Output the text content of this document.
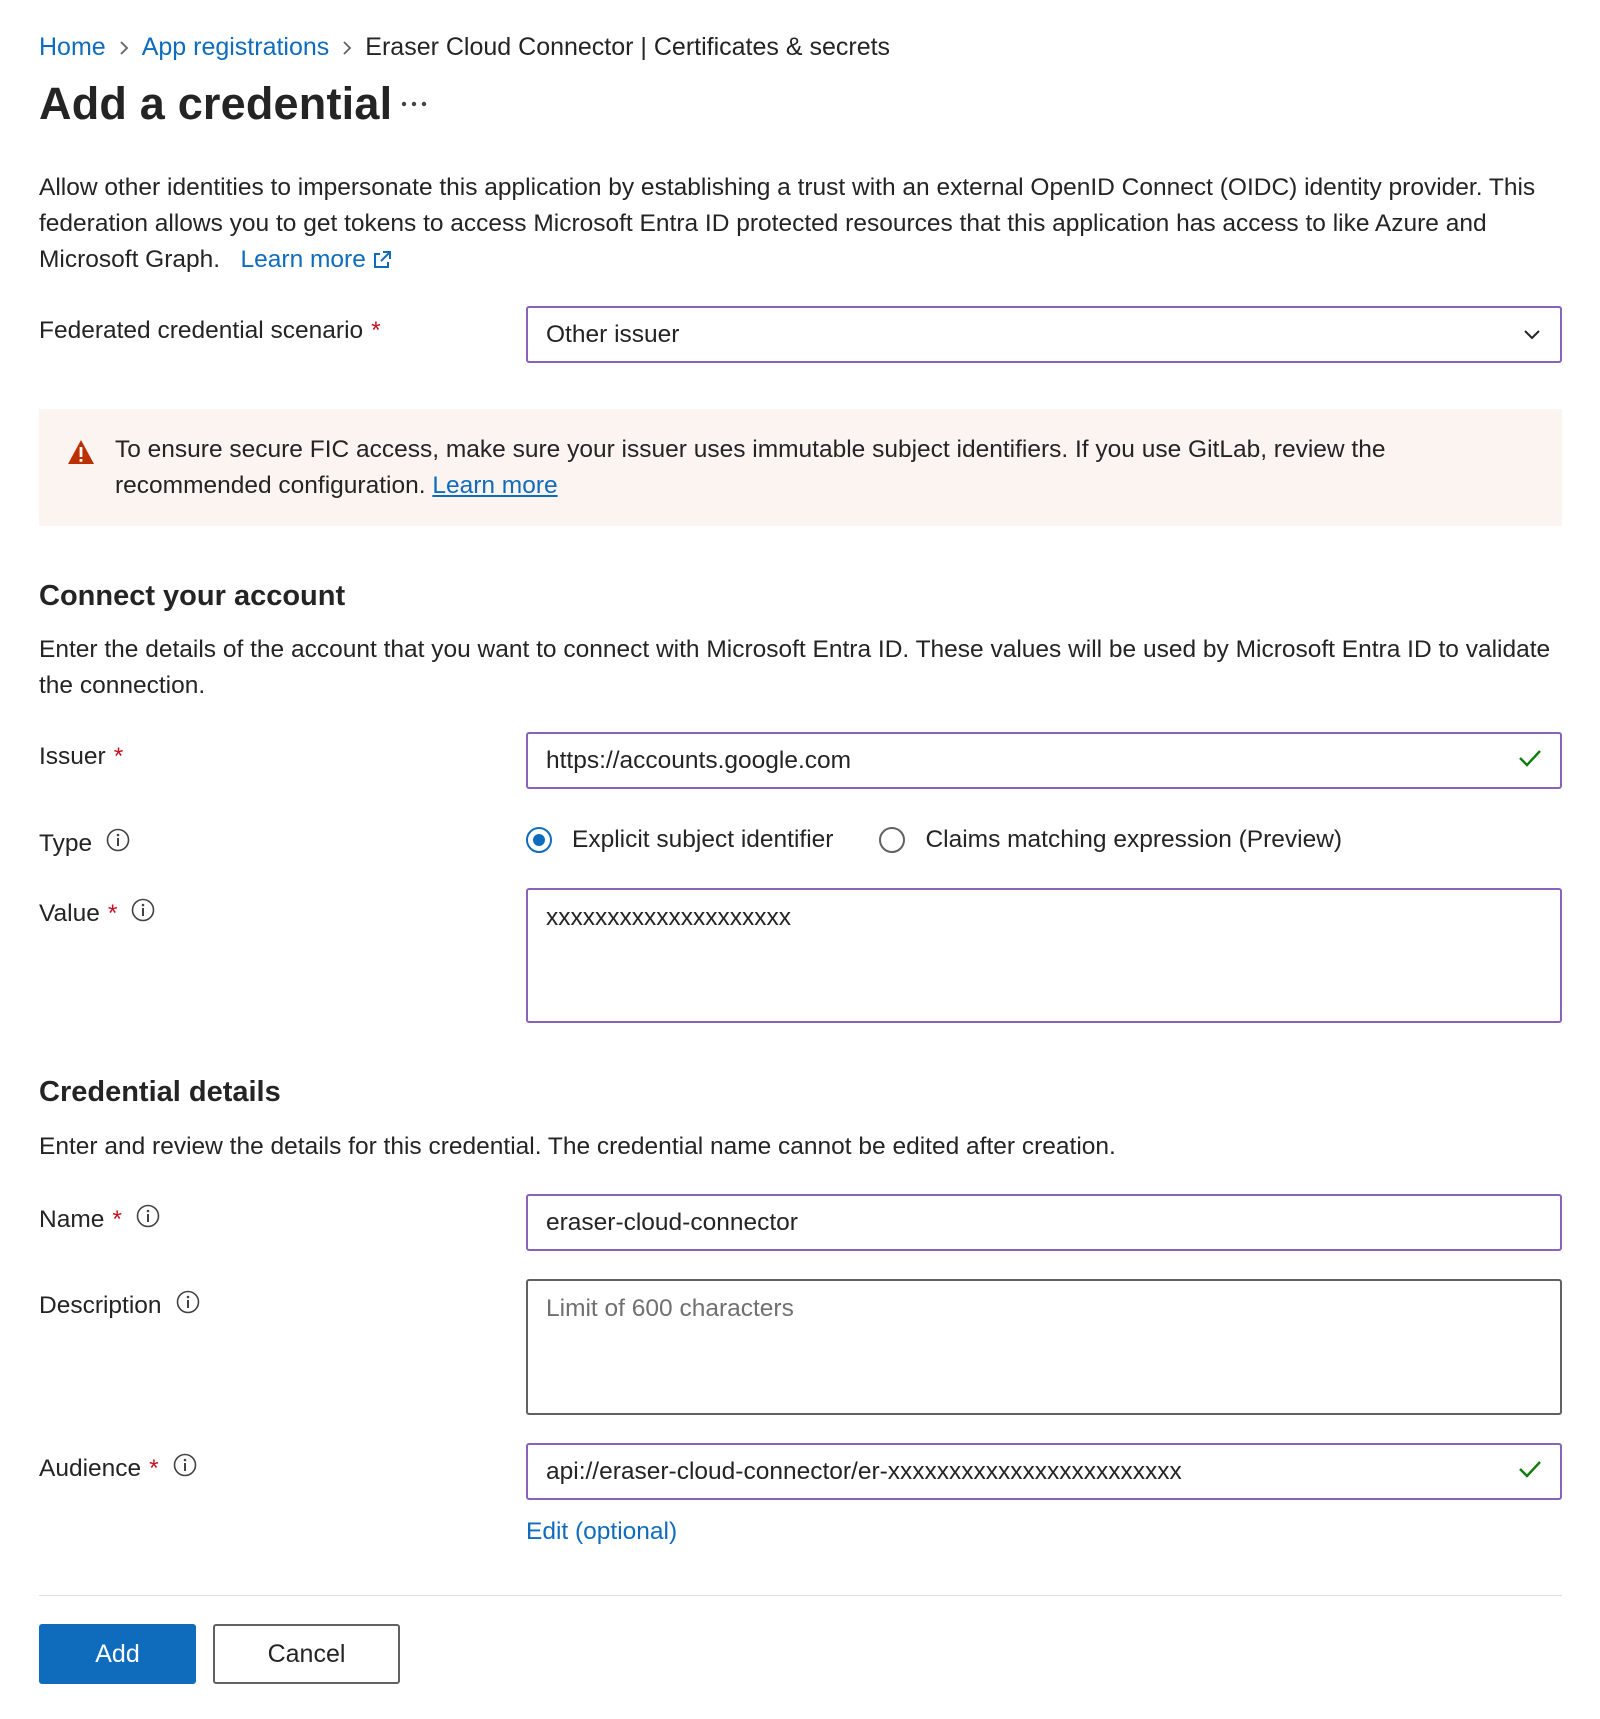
Home App registrations Eraser Cloud Connector | Certificates & secrets
Add a credential
Allow other identities to impersonate this application by establishing a trust with an external OpenID Connect (OIDC) identity provider. This federation allows you to get tokens to access Microsoft Entra ID protected resources that this application has access to like Azure and Microsoft Graph. Learn more
Federated credential scenario *	Other issuer
To ensure secure FIC access, make sure your issuer uses immutable subject identifiers. If you use GitLab, review the recommended configuration. Learn more
Connect your account
Enter the details of the account that you want to connect with Microsoft Entra ID. These values will be used by Microsoft Entra ID to validate the connection.
Issuer *	https://accounts.google.com
Type	Explicit subject identifier	Claims matching expression (Preview)
Value *	xxxxxxxxxxxxxxxxxxxx
Credential details
Enter and review the details for this credential. The credential name cannot be edited after creation.
Name *	eraser-cloud-connector
Description	Limit of 600 characters
Audience *	api://eraser-cloud-connector/er-xxxxxxxxxxxxxxxxxxxxxxxx
Edit (optional)
Add	Cancel
